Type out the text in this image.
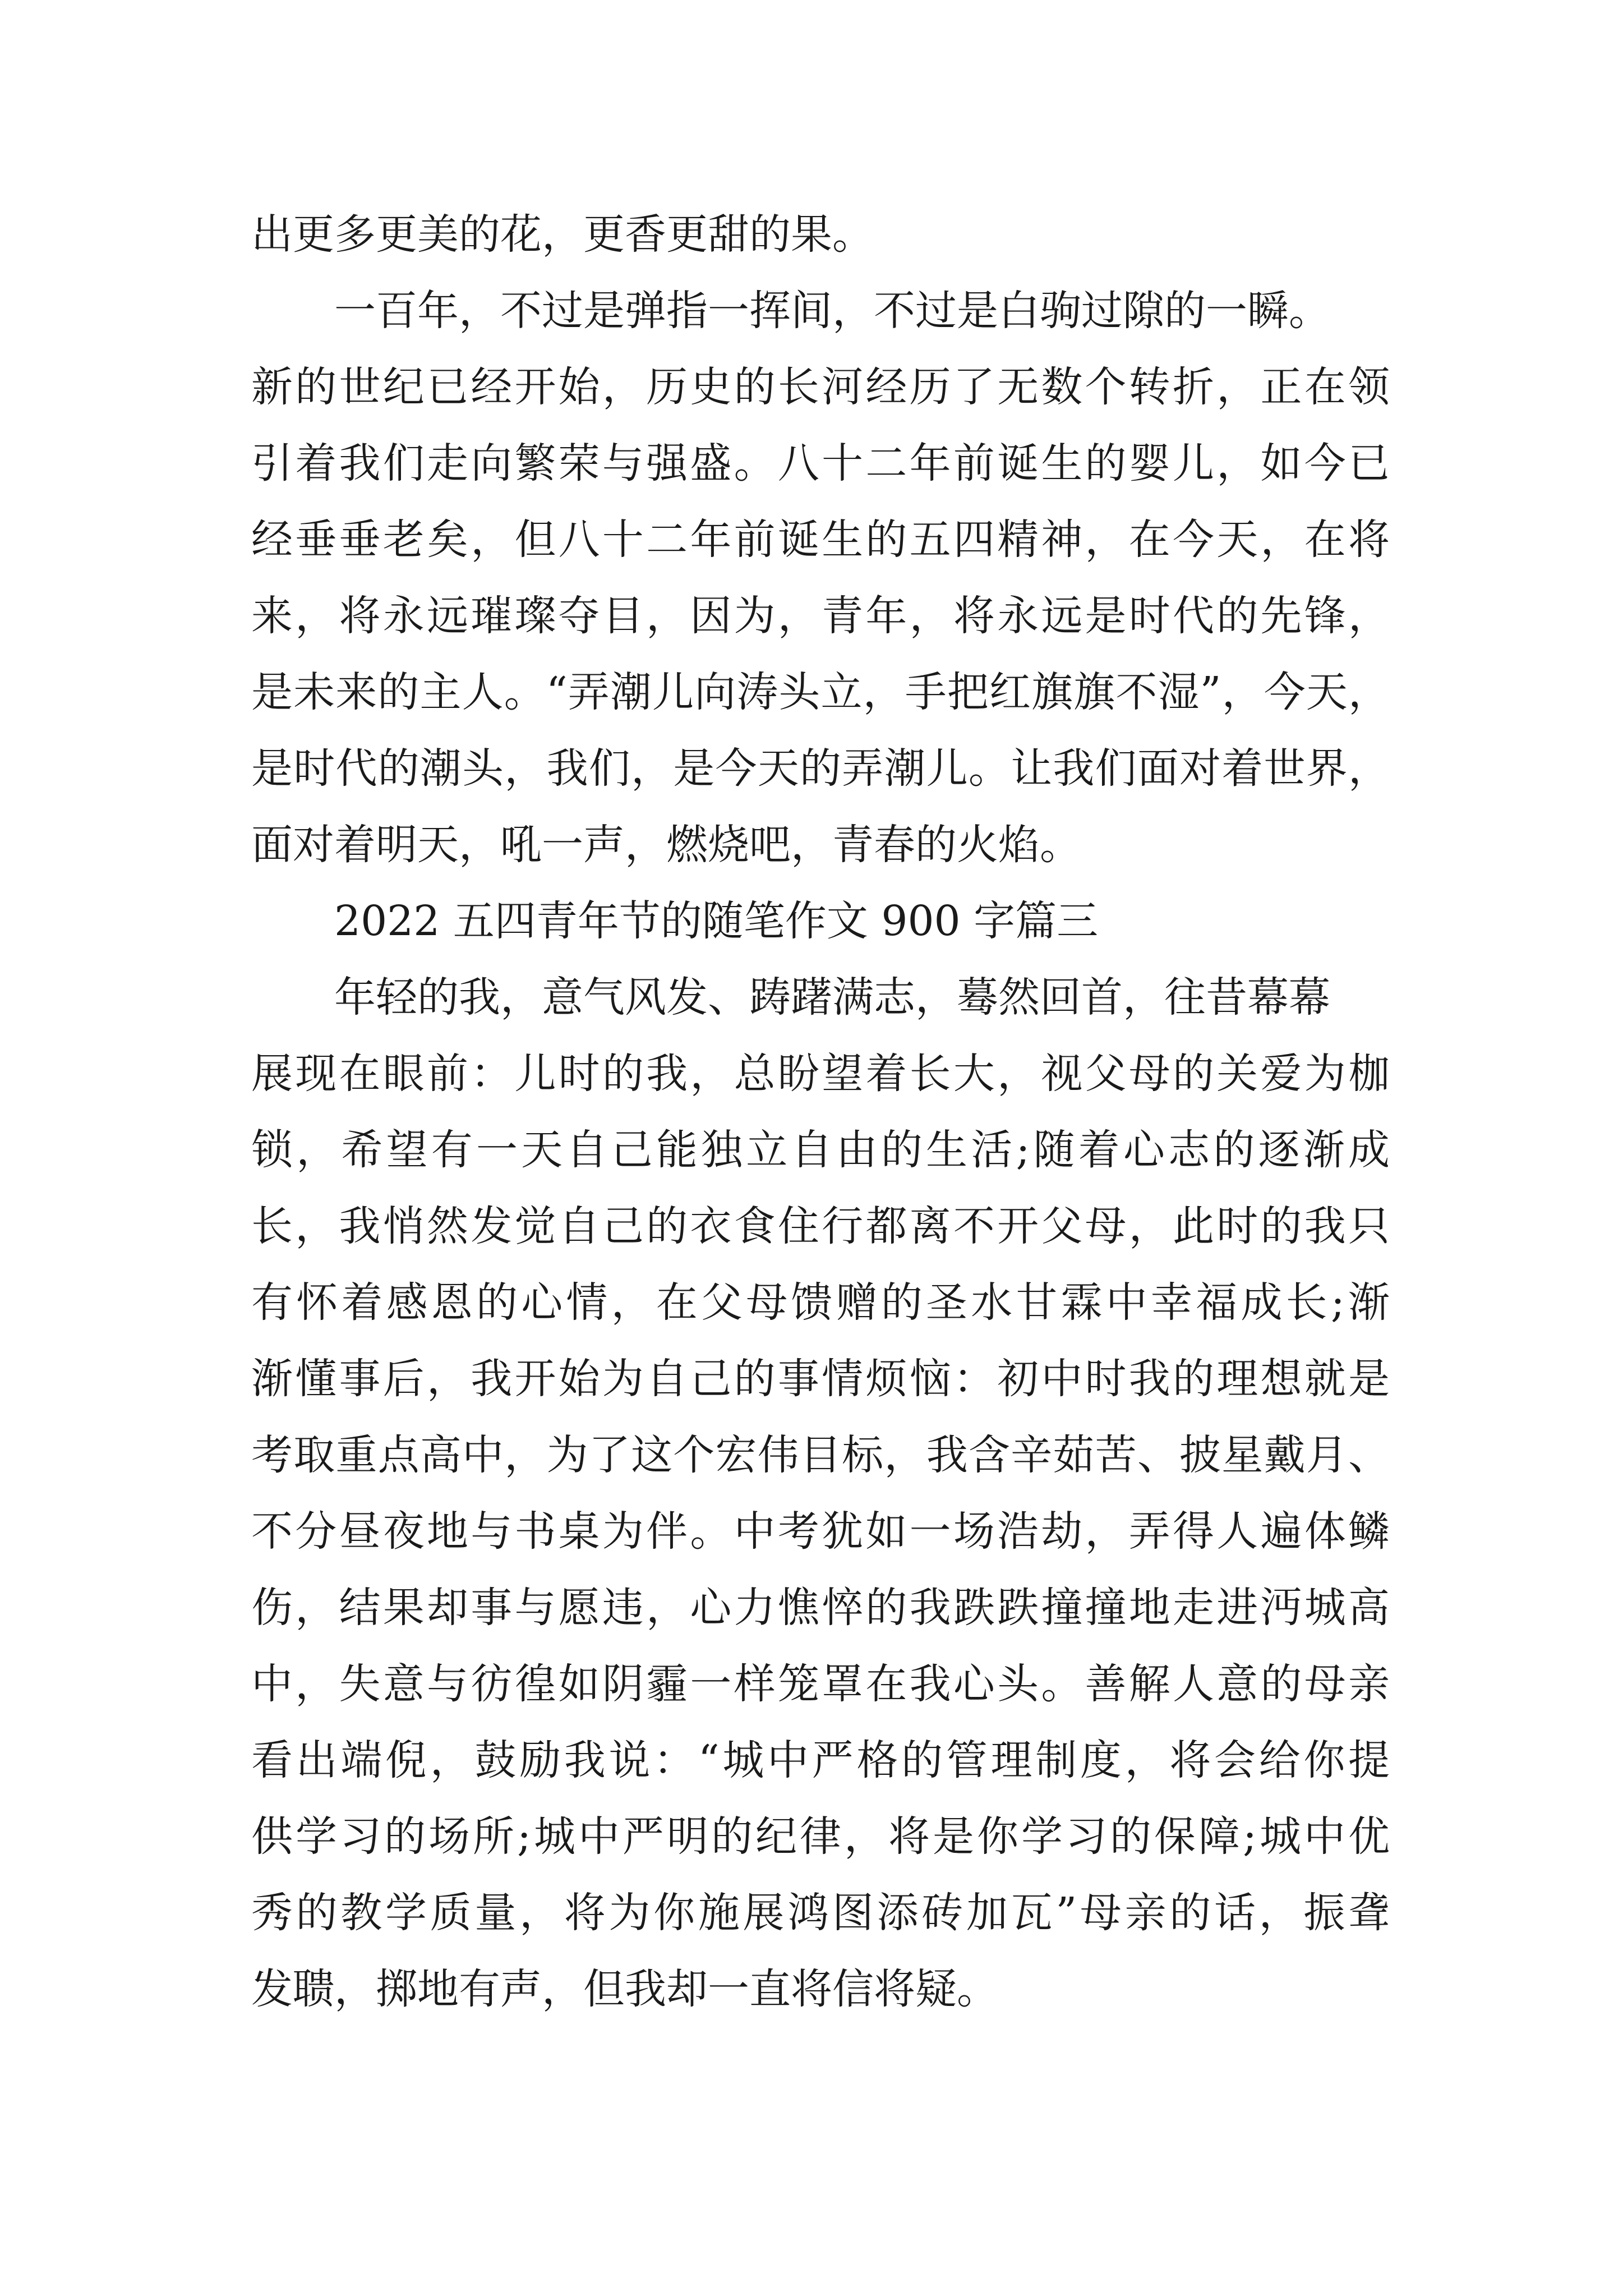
出更多更美的花，更香更甜的果。
一百年，不过是弹指一挥间，不过是白驹过隙的一瞬。
新的世纪已经开始，历史的长河经历了无数个转折，正在领
引着我们走向繁荣与强盛。八十二年前诞生的婴儿，如今已
经垂垂老矣，但八十二年前诞生的五四精神，在今天，在将
来，将永远璀璨夺目，因为，青年，将永远是时代的先锋，
是未来的主人。“弄潮儿向涛头立，手把红旗旗不湿”，今天，
是时代的潮头，我们，是今天的弄潮儿。让我们面对着世界，
面对着明天，吼一声，燃烧吧，青春的火焰。
2022 五四青年节的随笔作文 900 字篇三
年轻的我，意气风发、踌躇满志，蓦然回首，往昔幕幕
展现在眼前：儿时的我，总盼望着长大，视父母的关爱为枷
锁，希望有一天自己能独立自由的生活;随着心志的逐渐成
长，我悄然发觉自己的衣食住行都离不开父母，此时的我只
有怀着感恩的心情，在父母馈赠的圣水甘霖中幸福成长;渐
渐懂事后，我开始为自己的事情烦恼：初中时我的理想就是
考取重点高中，为了这个宏伟目标，我含辛茹苦、披星戴月、
不分昼夜地与书桌为伴。中考犹如一场浩劫，弄得人遍体鳞
伤，结果却事与愿违，心力憔悴的我跌跌撞撞地走进沔城高
中，失意与彷徨如阴霾一样笼罩在我心头。善解人意的母亲
看出端倪，鼓励我说：“城中严格的管理制度，将会给你提
供学习的场所;城中严明的纪律，将是你学习的保障;城中优
秀的教学质量，将为你施展鸿图添砖加瓦”母亲的话，振聋
发聩，掷地有声，但我却一直将信将疑。
